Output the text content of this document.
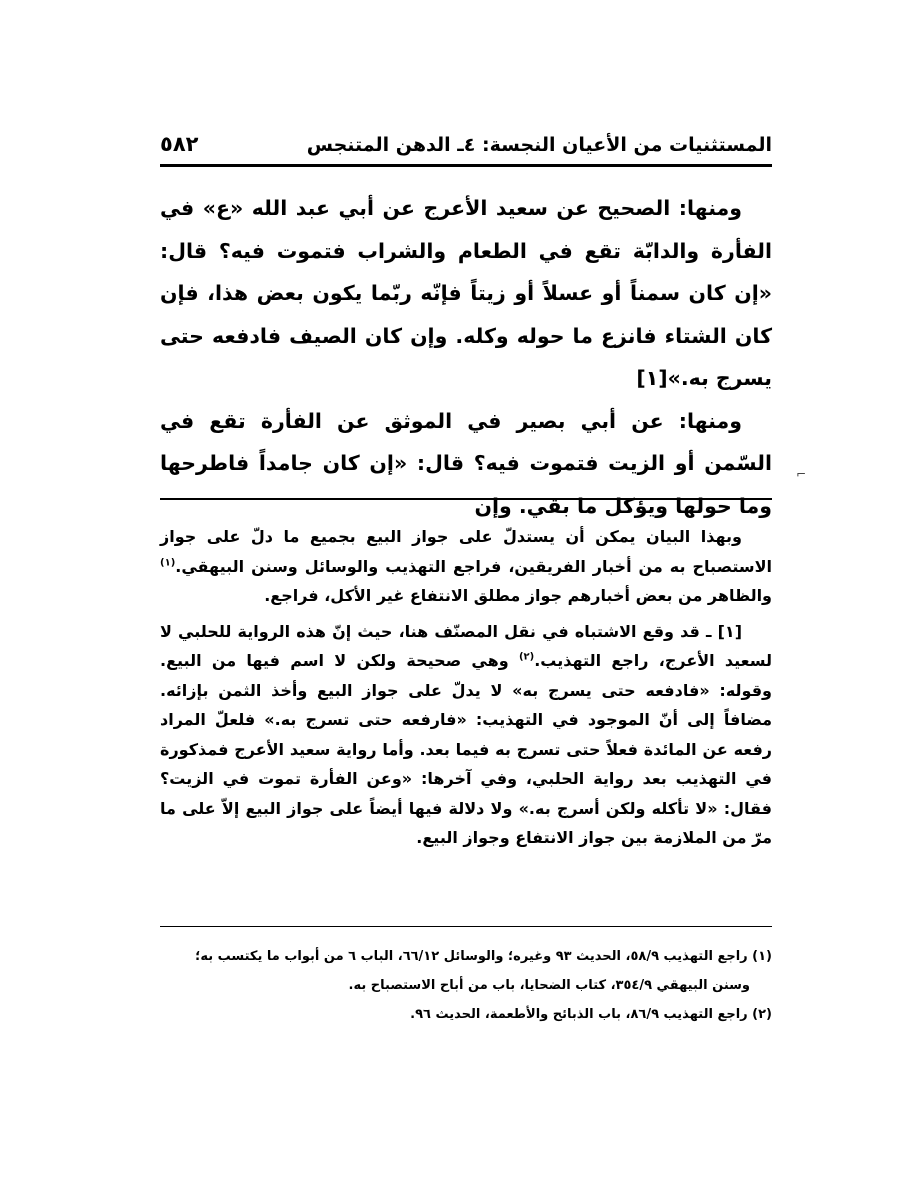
المستثنيات من الأعيان النجسة: ٤ـ الدهن المتنجس
٥٨٢

ومنها: الصحيح عن سعيد الأعرج عن أبي عبد الله «ع» في الفأرة والدابّة تقع في الطعام والشراب فتموت فيه؟ قال: «إن كان سمناً أو عسلاً أو زيتاً فإنّه ربّما يكون بعض هذا، فإن كان الشتاء فانزع ما حوله وكله. وإن كان الصيف فادفعه حتى يسرج به.»[١]

ومنها: عن أبي بصير في الموثق عن الفأرة تقع في السّمن أو الزيت فتموت فيه؟ قال: «إن كان جامداً فاطرحها وما حولها ويؤكل ما بقي. وإن

⌐

وبهذا البيان يمكن أن يستدلّ على جواز البيع بجميع ما دلّ على جواز الاستصباح به من أخبار الفريقين، فراجع التهذيب والوسائل وسنن البيهقي.$^{(١)}$ والظاهر من بعض أخبارهم جواز مطلق الانتفاع غير الأكل، فراجع.

[١] ـ قد وقع الاشتباه في نقل المصنّف هنا، حيث إنّ هذه الرواية للحلبي لا لسعيد الأعرج، راجع التهذيب.$^{(٢)}$ وهي صحيحة ولكن لا اسم فيها من البيع. وقوله: «فادفعه حتى يسرج به» لا يدلّ على جواز البيع وأخذ الثمن بإزائه. مضافاً إلى أنّ الموجود في التهذيب: «فارفعه حتى تسرج به.» فلعلّ المراد رفعه عن المائدة فعلاً حتى تسرج به فيما بعد. وأما رواية سعيد الأعرج فمذكورة في التهذيب بعد رواية الحلبي، وفي آخرها: «وعن الفأرة تموت في الزيت؟ فقال: «لا تأكله ولكن أسرج به.» ولا دلالة فيها أيضاً على جواز البيع إلاّ على ما مرّ من الملازمة بين جواز الانتفاع وجواز البيع.

(١) راجع التهذيب ٥٨/٩، الحديث ٩٣ وغيره؛ والوسائل ٦٦/١٢، الباب ٦ من أبواب ما يكتسب به؛

وسنن البيهقي ٣٥٤/٩، كتاب الضحايا، باب من أباح الاستصباح به.

(٢) راجع التهذيب ٨٦/٩، باب الذبائح والأطعمة، الحديث ٩٦.
